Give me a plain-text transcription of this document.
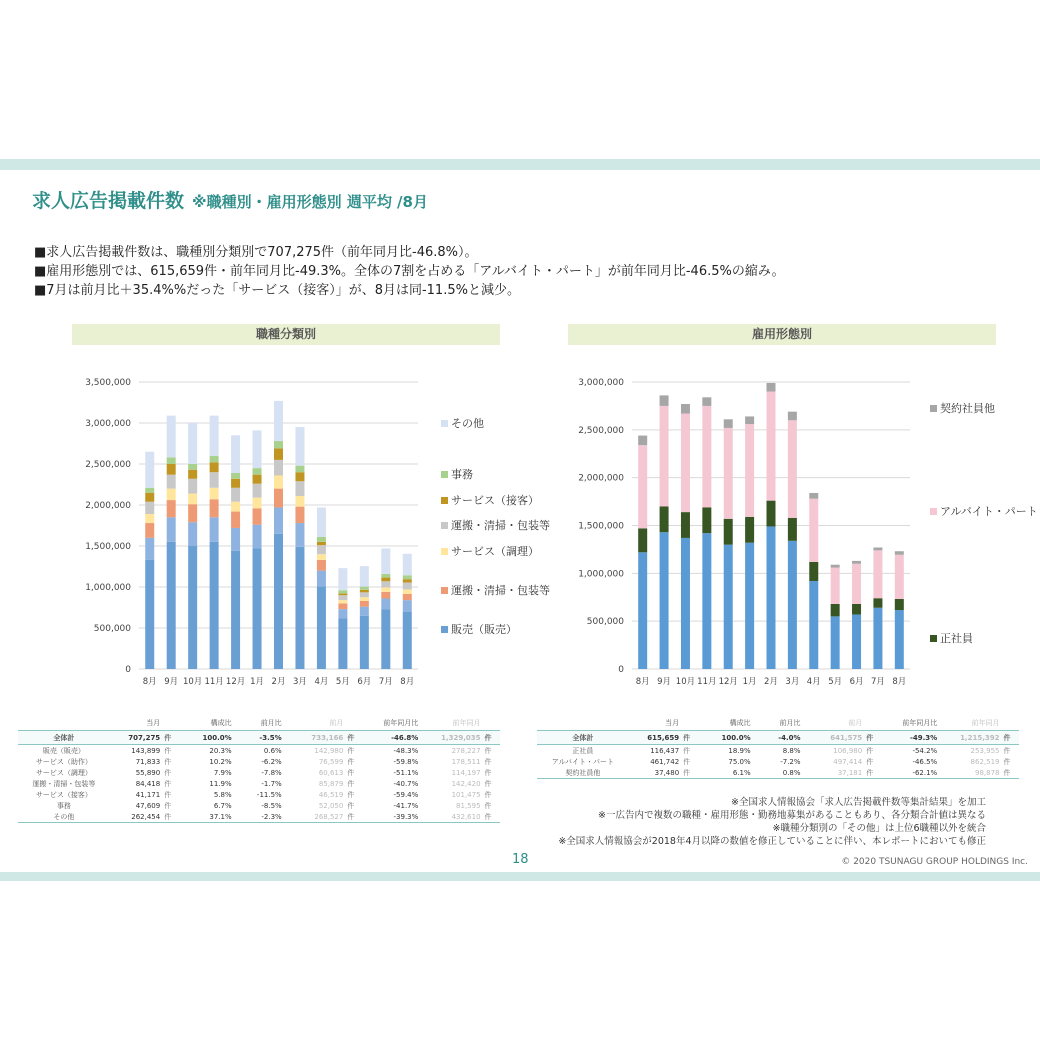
求人広告掲載件数 ※職種別・雇用形態別 週平均 /8月
■求人広告掲載件数は、職種別分類別で707,275件（前年同月比-46.8%）。
■雇用形態別では、615,659件・前年同月比-49.3%。全体の7割を占める「アルバイト・パート」が前年同月比-46.5%の縮み。
■7月は前月比＋35.4%%だった「サービス（接客）」が、8月は同-11.5%と減少。
職種分類別	雇用形態別
3,500,000
3,000,000
2,500,000
2,000,000
1,500,000
1,000,000
500,000
0
8月 9月 10月 11月 12月 1月 2月 3月 4月 5月 6月 7月 8月
その他
事務
サービス（接客）
運搬・清掃・包装等
サービス（調理）
運搬・清掃・包装等
販売（販売）
3,000,000
2,500,000
2,000,000
1,500,000
1,000,000
500,000
0
8月 9月 10月 11月 12月 1月 2月 3月 4月 5月 6月 7月 8月
契約社員他
アルバイト・パート
正社員
	当月		構成比	前月比	前月		前年同月比	前年同月	
全体計	707,275	件	100.0%	-3.5%	733,166	件	-46.8%	1,329,035	件
販売（販売）	143,899	件	20.3%	0.6%	142,980	件	-48.3%	278,227	件
サービス（助作）	71,833	件	10.2%	-6.2%	76,599	件	-59.8%	178,511	件
サービス（調理）	55,890	件	7.9%	-7.8%	60,613	件	-51.1%	114,197	件
運搬・清掃・包装等	84,418	件	11.9%	-1.7%	85,879	件	-40.7%	142,420	件
サービス（接客）	41,171	件	5.8%	-11.5%	46,519	件	-59.4%	101,475	件
事務	47,609	件	6.7%	-8.5%	52,050	件	-41.7%	81,595	件
その他	262,454	件	37.1%	-2.3%	268,527	件	-39.3%	432,610	件
	当月		構成比	前月比	前月		前年同月比	前年同月	
全体計	615,659	件	100.0%	-4.0%	641,575	件	-49.3%	1,215,392	件
正社員	116,437	件	18.9%	8.8%	106,980	件	-54.2%	253,955	件
アルバイト・パート	461,742	件	75.0%	-7.2%	497,414	件	-46.5%	862,519	件
契約社員他	37,480	件	6.1%	0.8%	37,181	件	-62.1%	98,878	件
※全国求人情報協会「求人広告掲載件数等集計結果」を加工
※一広告内で複数の職種・雇用形態・勤務地募集があることもあり、各分類合計値は異なる
※職種分類別の「その他」は上位6職種以外を統合
※全国求人情報協会が2018年4月以降の数値を修正していることに伴い、本レポートにおいても修正
18	© 2020 TSUNAGU GROUP HOLDINGS Inc.
